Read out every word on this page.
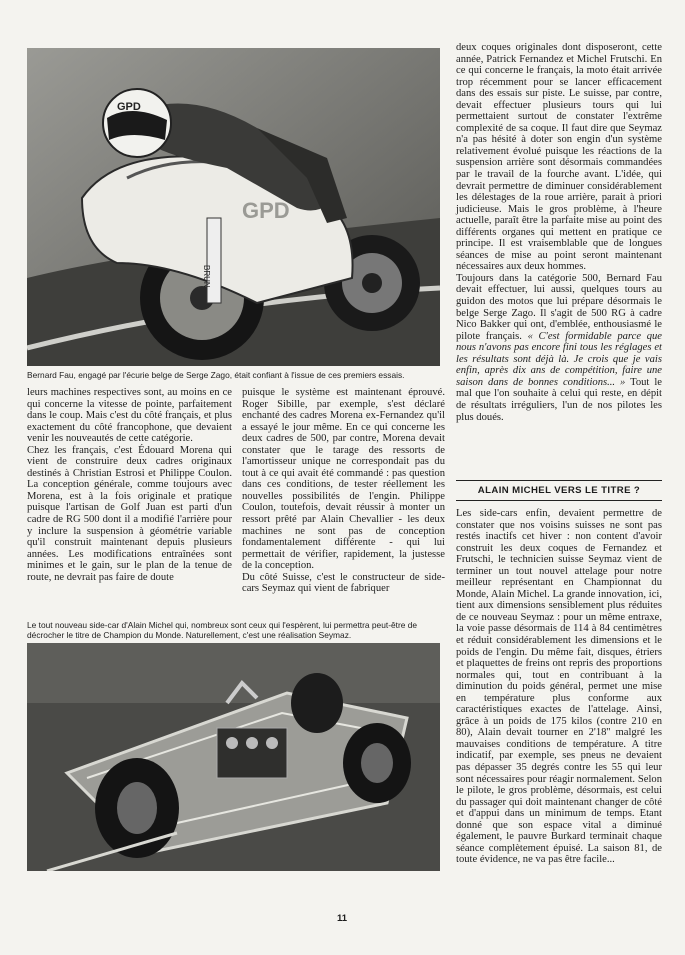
GPD
BRUN
GPD
Bernard Fau, engagé par l'écurie belge de Serge Zago, était confiant à l'issue de ces premiers essais.

leurs machines respectives sont, au moins en ce qui concerne la vitesse de pointe, parfaitement dans le coup. Mais c'est du côté français, et plus exactement du côté francophone, que devaient venir les nouveautés de cette catégorie.

Chez les français, c'est Édouard Morena qui vient de construire deux cadres originaux destinés à Christian Estrosi et Philippe Coulon. La conception générale, comme toujours avec Morena, est à la fois originale et pratique puisque l'artisan de Golf Juan est parti d'un cadre de RG 500 dont il a modifié l'arrière pour y inclure la suspension à géométrie variable qu'il construit maintenant depuis plusieurs années. Les modifications entraînées sont minimes et le gain, sur le plan de la tenue de route, ne devrait pas faire de doute

puisque le système est maintenant éprouvé. Roger Sibille, par exemple, s'est déclaré enchanté des cadres Morena ex-Fernandez qu'il a essayé le jour même. En ce qui concerne les deux cadres de 500, par contre, Morena devait constater que le tarage des ressorts de l'amortisseur unique ne correspondait pas du tout à ce qui avait été commandé : pas question dans ces conditions, de tester réellement les nouvelles possibilités de l'engin. Philippe Coulon, toutefois, devait réussir à monter un ressort prêté par Alain Chevallier - les deux machines ne sont pas de conception fondamentalement différente - qui lui permettait de vérifier, rapidement, la justesse de la conception.

Du côté Suisse, c'est le constructeur de side-cars Seymaz qui vient de fabriquer

Le tout nouveau side-car d'Alain Michel qui, nombreux sont ceux qui l'espèrent, lui permettra peut-être de décrocher le titre de Champion du Monde. Naturellement, c'est une réalisation Seymaz.

deux coques originales dont disposeront, cette année, Patrick Fernandez et Michel Frutschi. En ce qui concerne le français, la moto était arrivée trop récemment pour se lancer efficacement dans des essais sur piste. Le suisse, par contre, devait effectuer plusieurs tours qui lui permettaient surtout de constater l'extrême complexité de sa coque. Il faut dire que Seymaz n'a pas hésité à doter son engin d'un système relativement évolué puisque les réactions de la suspension arrière sont désormais commandées par le travail de la fourche avant. L'idée, qui devrait permettre de diminuer considérablement les délestages de la roue arrière, parait à priori judicieuse. Mais le gros problème, à l'heure actuelle, paraît être la parfaite mise au point des différents organes qui mettent en pratique ce principe. Il est vraisemblable que de longues séances de mise au point seront maintenant nécessaires aux deux hommes.

Toujours dans la catégorie 500, Bernard Fau devait effectuer, lui aussi, quelques tours au guidon des motos que lui prépare désormais le belge Serge Zago. Il s'agit de 500 RG à cadre Nico Bakker qui ont, d'emblée, enthousiasmé le pilote français. « C'est formidable parce que nous n'avons pas encore fini tous les réglages et les résultats sont déjà là. Je crois que je vais enfin, après dix ans de compétition, faire une saison dans de bonnes conditions... » Tout le mal que l'on souhaite à celui qui reste, en dépit de résultats irréguliers, l'un de nos pilotes les plus doués.

ALAIN MICHEL VERS LE TITRE ?

Les side-cars enfin, devaient permettre de constater que nos voisins suisses ne sont pas restés inactifs cet hiver : non content d'avoir construit les deux coques de Fernandez et Frutschi, le technicien suisse Seymaz vient de terminer un tout nouvel attelage pour notre meilleur représentant en Championnat du Monde, Alain Michel. La grande innovation, ici, tient aux dimensions sensiblement plus réduites de ce nouveau Seymaz : pour un même entraxe, la voie passe désormais de 114 à 84 centimètres et réduit considérablement les dimensions et le poids de l'engin. Du même fait, disques, étriers et plaquettes de freins ont repris des proportions normales qui, tout en contribuant à la diminution du poids général, permet une mise en température plus conforme aux caractéristiques exactes de l'attelage. Ainsi, grâce à un poids de 175 kilos (contre 210 en 80), Alain devait tourner en 2'18'' malgré les mauvaises conditions de température. A titre indicatif, par exemple, ses pneus ne devaient pas dépasser 35 degrés contre les 55 qui leur sont nécessaires pour réagir normalement. Selon le pilote, le gros problème, désormais, est celui du passager qui doit maintenant changer de côté et d'appui dans un minimum de temps. Etant donné que son espace vital a diminué également, le pauvre Burkard terminait chaque séance complètement épuisé. La saison 81, de toute évidence, ne va pas être facile...

11
